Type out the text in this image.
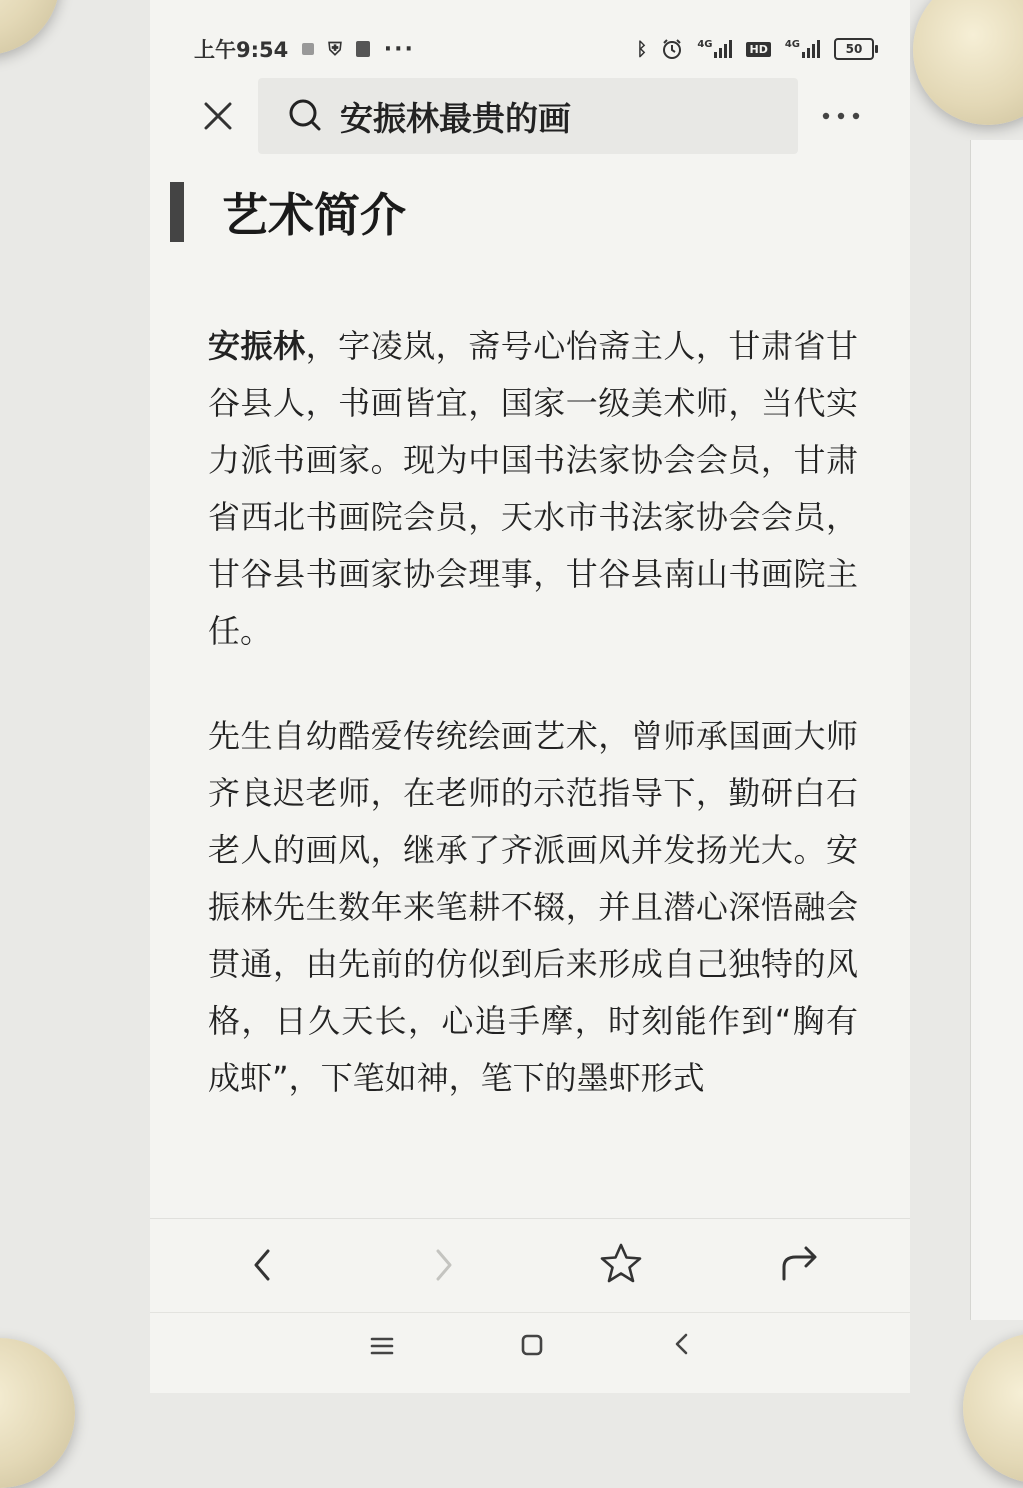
上午9:54 ⛨ ···	ᛒ	4G	HD	4G	50
安振林最贵的画
艺术简介

安振林，字凌岚，斋号心怡斋主人，甘肃省甘谷县人，书画皆宜，国家一级美术师，当代实力派书画家。现为中国书法家协会会员，甘肃省西北书画院会员，天水市书法家协会会员，甘谷县书画家协会理事，甘谷县南山书画院主任。

先生自幼酷爱传统绘画艺术，曾师承国画大师齐良迟老师，在老师的示范指导下，勤研白石老人的画风，继承了齐派画风并发扬光大。安振林先生数年来笔耕不辍，并且潜心深悟融会贯通，由先前的仿似到后来形成自己独特的风格，日久天长，心追手摩，时刻能作到“胸有成虾”，下笔如神，笔下的墨虾形式
